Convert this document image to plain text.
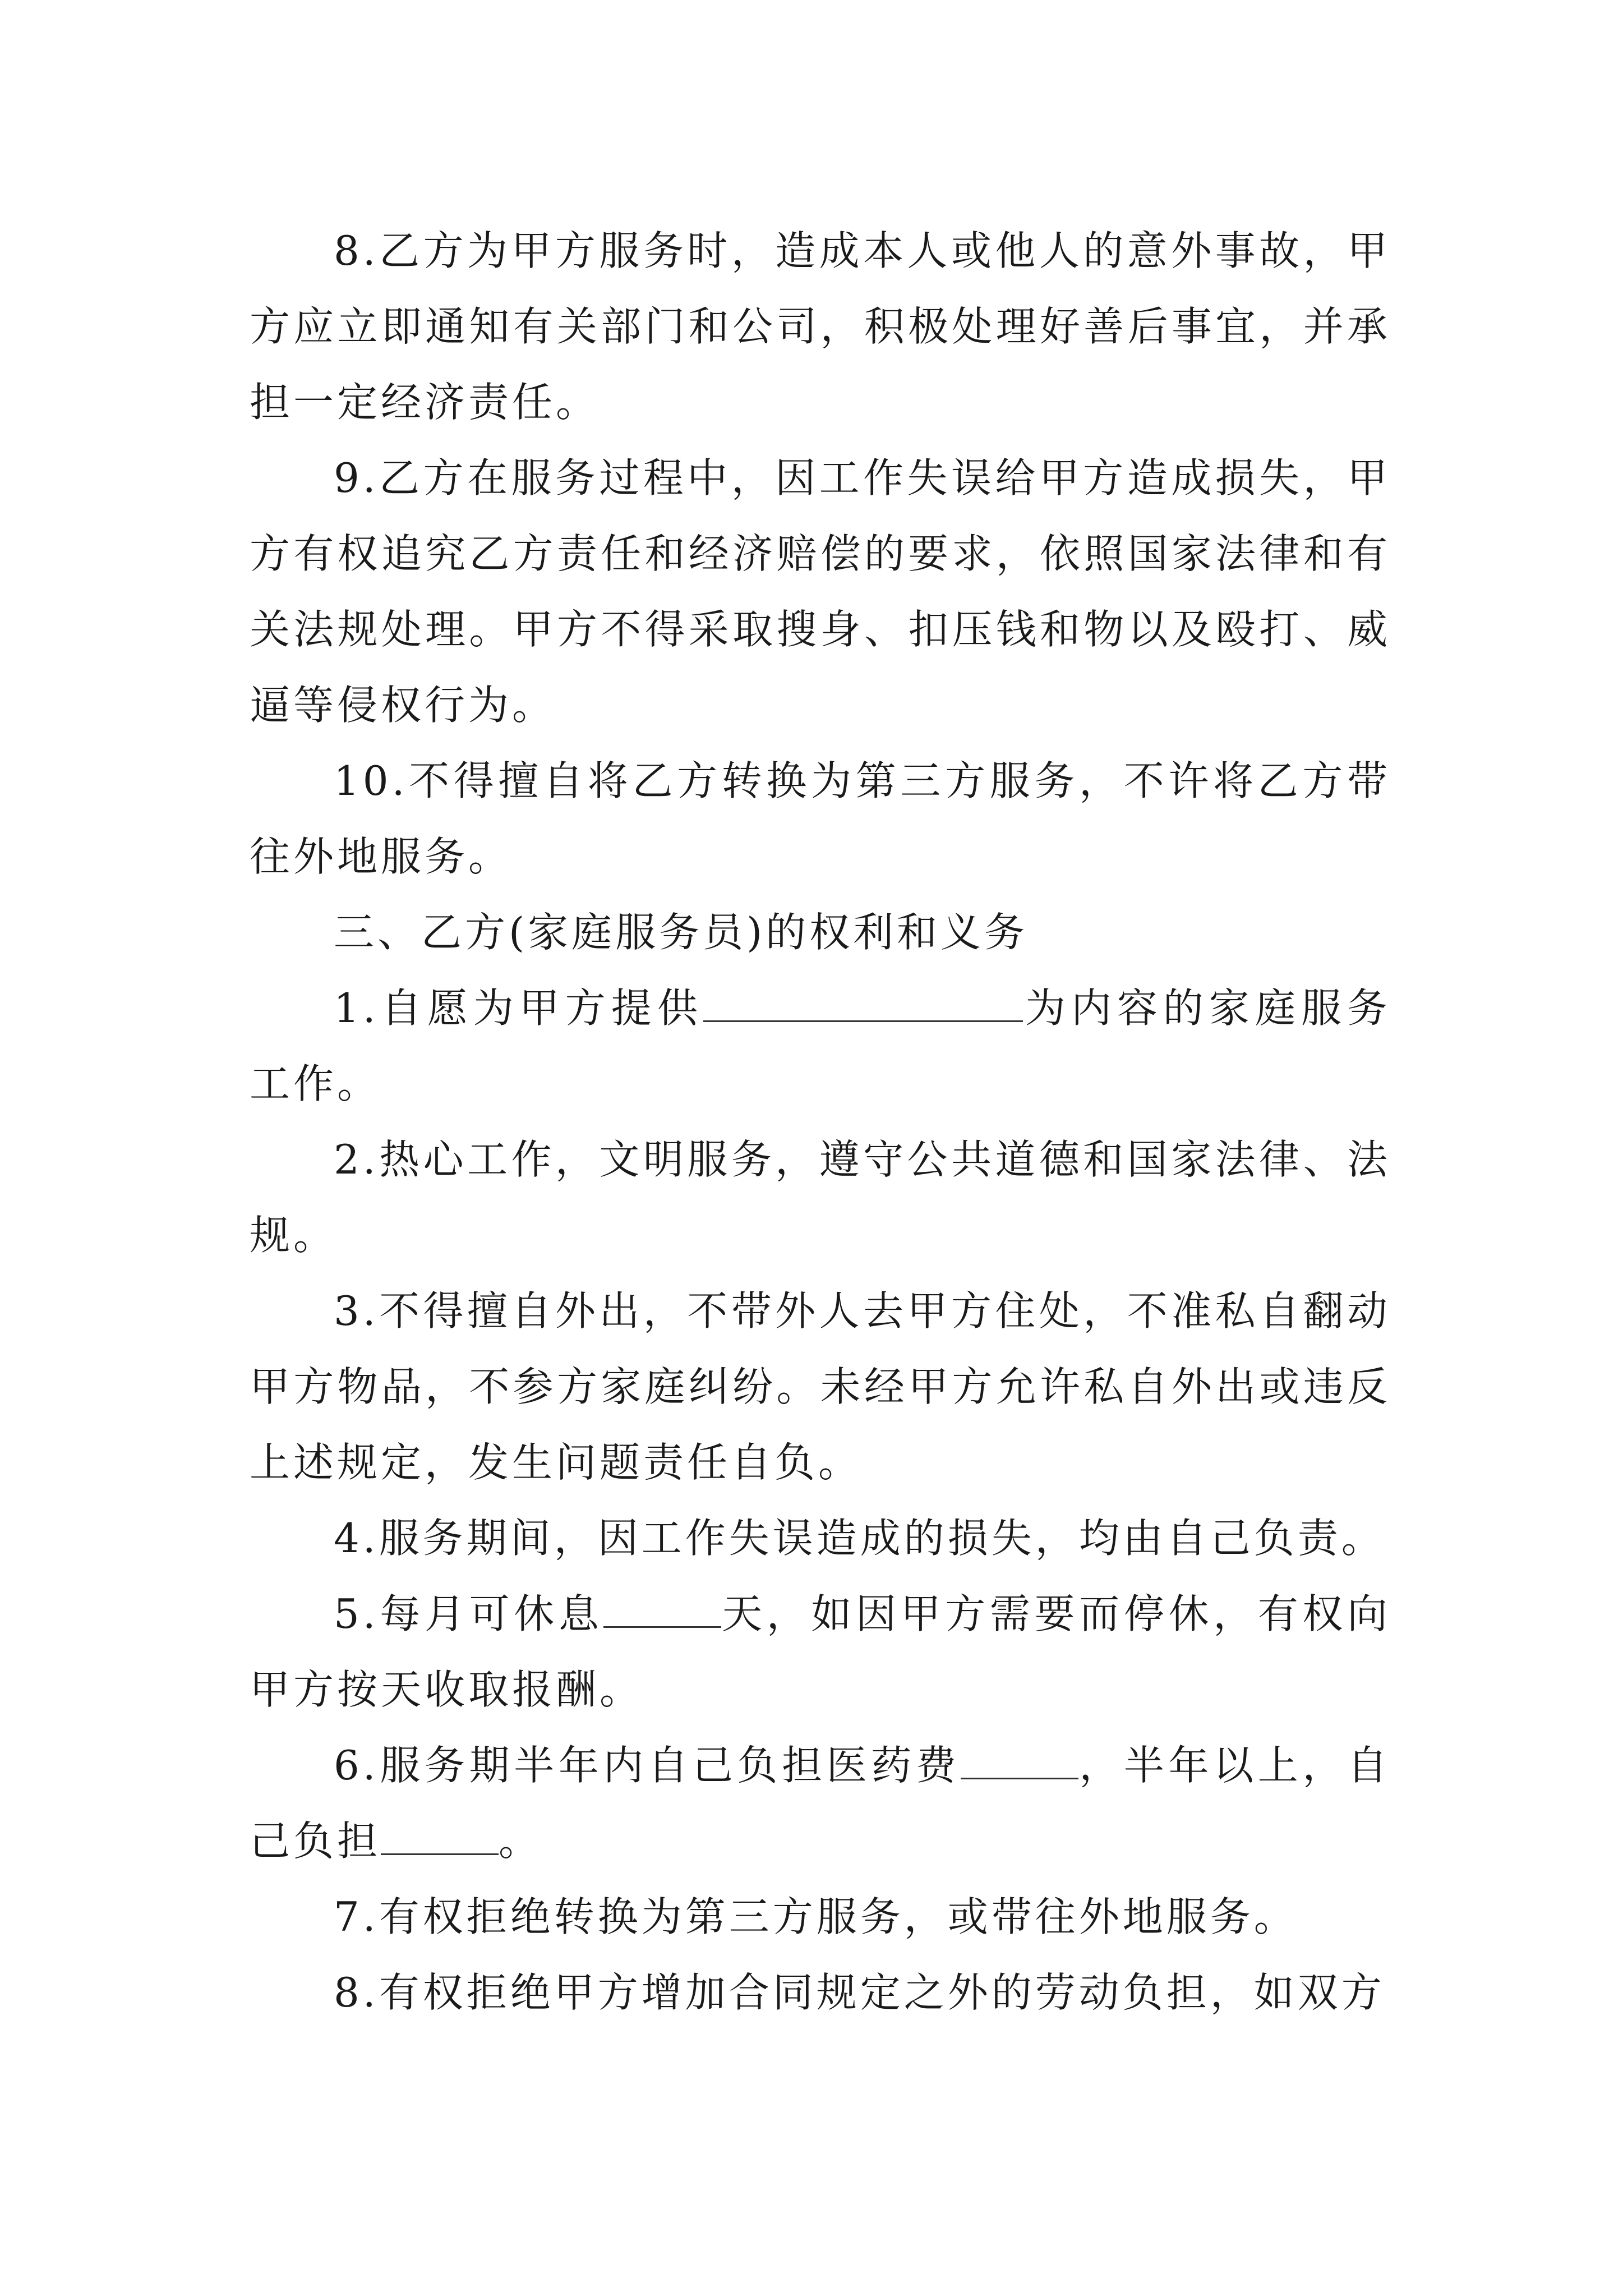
8.乙方为甲方服务时，造成本人或他人的意外事故，甲方应立即通知有关部门和公司，积极处理好善后事宜，并承担一定经济责任。

9.乙方在服务过程中，因工作失误给甲方造成损失，甲方有权追究乙方责任和经济赔偿的要求，依照国家法律和有关法规处理。甲方不得采取搜身、扣压钱和物以及殴打、威逼等侵权行为。

10.不得擅自将乙方转换为第三方服务，不许将乙方带往外地服务。

三、乙方(家庭服务员)的权利和义务

1.自愿为甲方提供	为内容的家庭服务工作。

2.热心工作，文明服务，遵守公共道德和国家法律、法规。

3.不得擅自外出，不带外人去甲方住处，不准私自翻动甲方物品，不参方家庭纠纷。未经甲方允许私自外出或违反上述规定，发生问题责任自负。

4.服务期间，因工作失误造成的损失，均由自己负责。

5.每月可休息	天，如因甲方需要而停休，有权向甲方按天收取报酬。

6.服务期半年内自己负担医药费	，半年以上，自己负担	。

7.有权拒绝转换为第三方服务，或带往外地服务。

8.有权拒绝甲方增加合同规定之外的劳动负担，如双方
